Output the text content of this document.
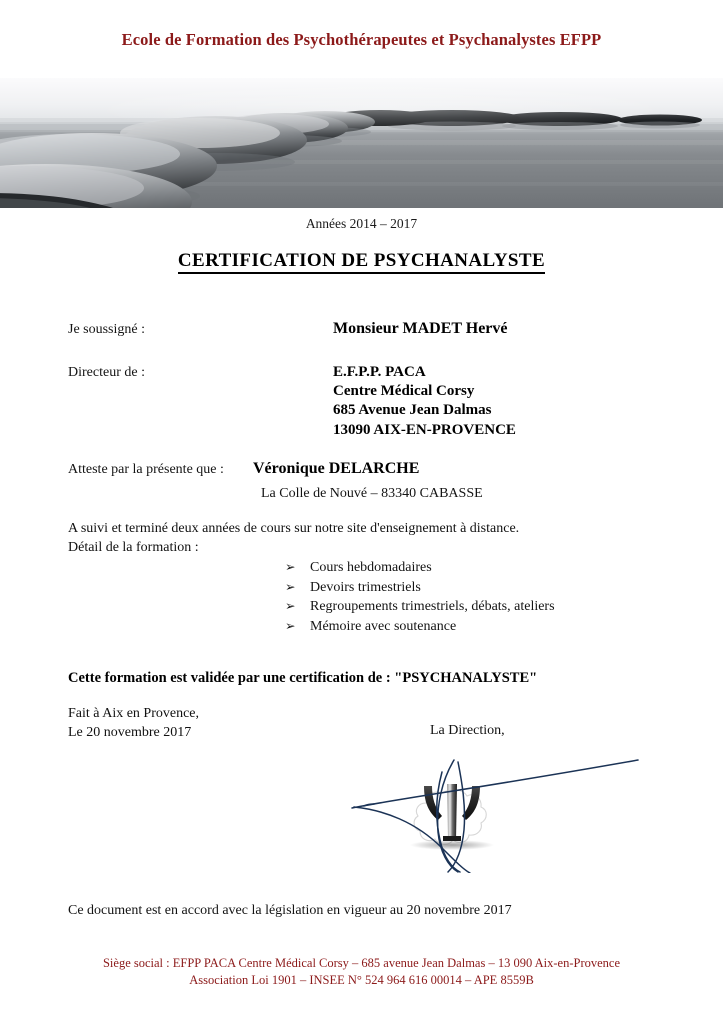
Ecole de Formation des Psychothérapeutes et Psychanalystes EFPP
Années 2014 – 2017
CERTIFICATION DE PSYCHANALYSTE
Je soussigné :	Monsieur MADET Hervé
Directeur de :	E.F.P.P. PACA
Centre Médical Corsy
685 Avenue Jean Dalmas
13090 AIX-EN-PROVENCE
Atteste par la présente que : Véronique DELARCHE
La Colle de Nouvé – 83340 CABASSE
A suivi et terminé deux années de cours sur notre site d'enseignement à distance.
Détail de la formation :
➢	Cours hebdomadaires
➢	Devoirs trimestriels
➢	Regroupements trimestriels, débats, ateliers
➢	Mémoire avec soutenance
Cette formation est validée par une certification de : "PSYCHANALYSTE"
Fait à Aix en Provence,
Le 20 novembre 2017	La Direction,
Ce document est en accord avec la législation en vigueur au 20 novembre 2017
Siège social : EFPP PACA Centre Médical Corsy – 685 avenue Jean Dalmas – 13 090 Aix-en-Provence
Association Loi 1901 – INSEE N° 524 964 616 00014 – APE 8559B
